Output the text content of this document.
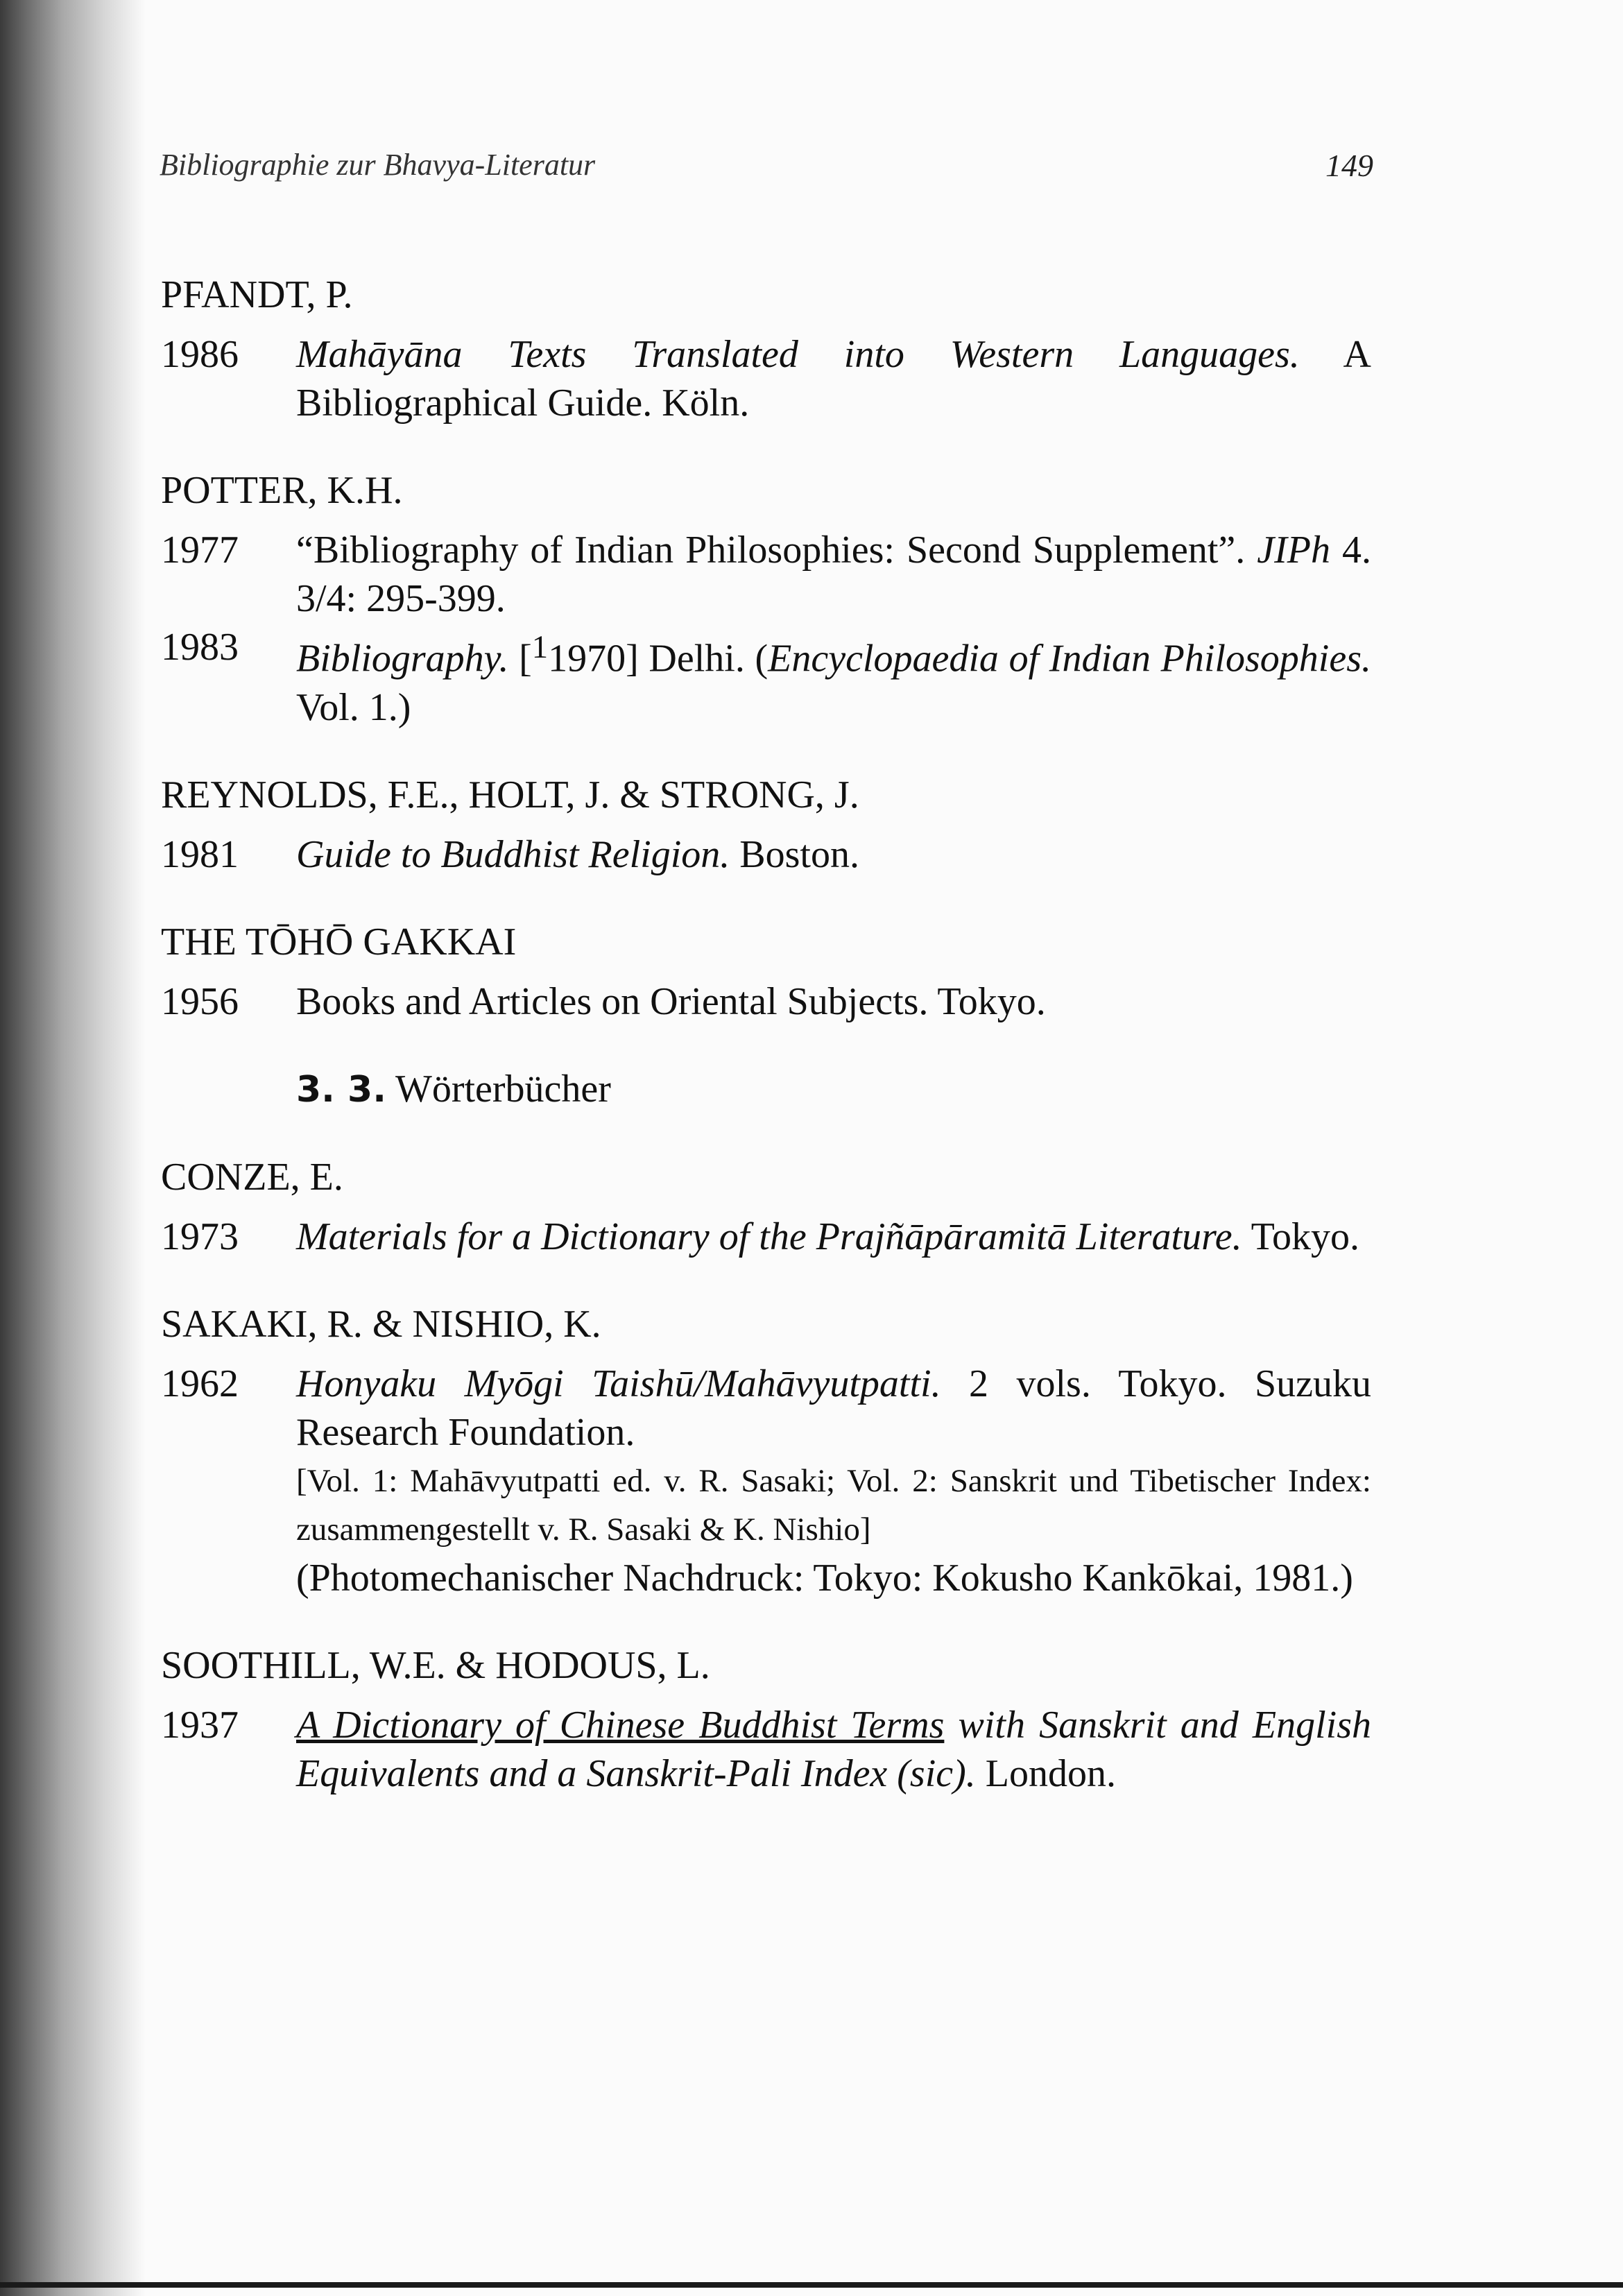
Bibliographie zur Bhavya-Literatur	149
PFANDT, P.
1986	Mahāyāna Texts Translated into Western Languages. A Bibliographical Guide. Köln.
POTTER, K.H.
1977	“Bibliography of Indian Philosophies: Second Supplement”. JIPh 4. 3/4: 295-399.
1983	Bibliography. [$^1$1970] Delhi. (Encyclopaedia of Indian Philosophies. Vol. 1.)
REYNOLDS, F.E., HOLT, J. & STRONG, J.
1981	Guide to Buddhist Religion. Boston.
THE TŌHŌ GAKKAI
1956	Books and Articles on Oriental Subjects. Tokyo.
3. 3. Wörterbücher
CONZE, E.
1973	Materials for a Dictionary of the Prajñāpāramitā Literature. Tokyo.
SAKAKI, R. & NISHIO, K.
1962	Honyaku Myōgi Taishū/Mahāvyutpatti. 2 vols. Tokyo. Suzuku Research Foundation.
[Vol. 1: Mahāvyutpatti ed. v. R. Sasaki; Vol. 2: Sanskrit und Tibetischer Index: zusammengestellt v. R. Sasaki & K. Nishio]
(Photomechanischer Nachdruck: Tokyo: Kokusho Kankōkai, 1981.)
SOOTHILL, W.E. & HODOUS, L.
1937	A Dictionary of Chinese Buddhist Terms with Sanskrit and English Equivalents and a Sanskrit-Pali Index (sic). London.
